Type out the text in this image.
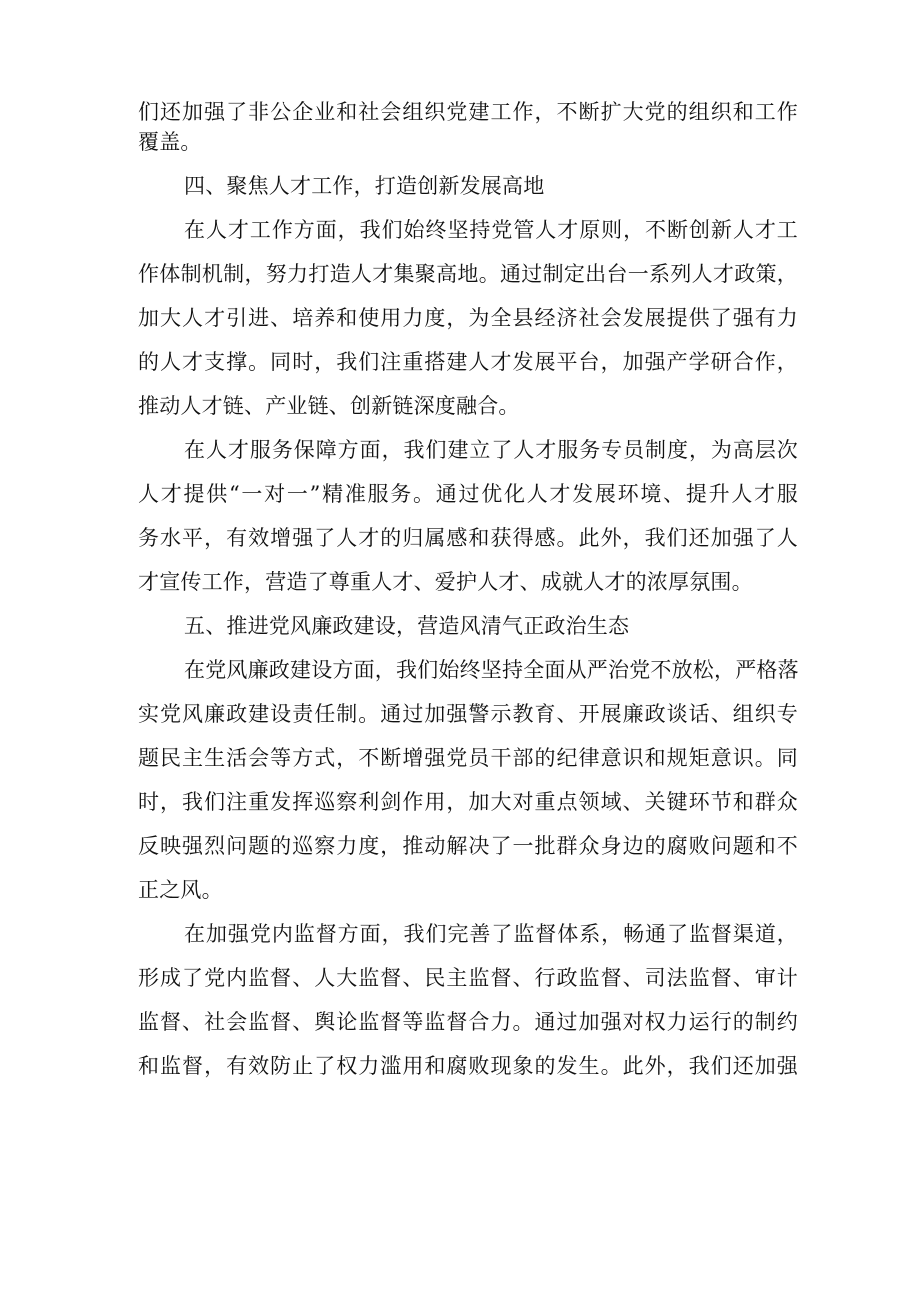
们还加强了非公企业和社会组织党建工作，不断扩大党的组织和工作
覆盖。
四、聚焦人才工作，打造创新发展高地
在人才工作方面，我们始终坚持党管人才原则，不断创新人才工
作体制机制，努力打造人才集聚高地。通过制定出台一系列人才政策，
加大人才引进、培养和使用力度，为全县经济社会发展提供了强有力
的人才支撑。同时，我们注重搭建人才发展平台，加强产学研合作，
推动人才链、产业链、创新链深度融合。
在人才服务保障方面，我们建立了人才服务专员制度，为高层次
人才提供“一对一”精准服务。通过优化人才发展环境、提升人才服
务水平，有效增强了人才的归属感和获得感。此外，我们还加强了人
才宣传工作，营造了尊重人才、爱护人才、成就人才的浓厚氛围。
五、推进党风廉政建设，营造风清气正政治生态
在党风廉政建设方面，我们始终坚持全面从严治党不放松，严格落
实党风廉政建设责任制。通过加强警示教育、开展廉政谈话、组织专
题民主生活会等方式，不断增强党员干部的纪律意识和规矩意识。同
时，我们注重发挥巡察利剑作用，加大对重点领域、关键环节和群众
反映强烈问题的巡察力度，推动解决了一批群众身边的腐败问题和不
正之风。
在加强党内监督方面，我们完善了监督体系，畅通了监督渠道，
形成了党内监督、人大监督、民主监督、行政监督、司法监督、审计
监督、社会监督、舆论监督等监督合力。通过加强对权力运行的制约
和监督，有效防止了权力滥用和腐败现象的发生。此外，我们还加强
